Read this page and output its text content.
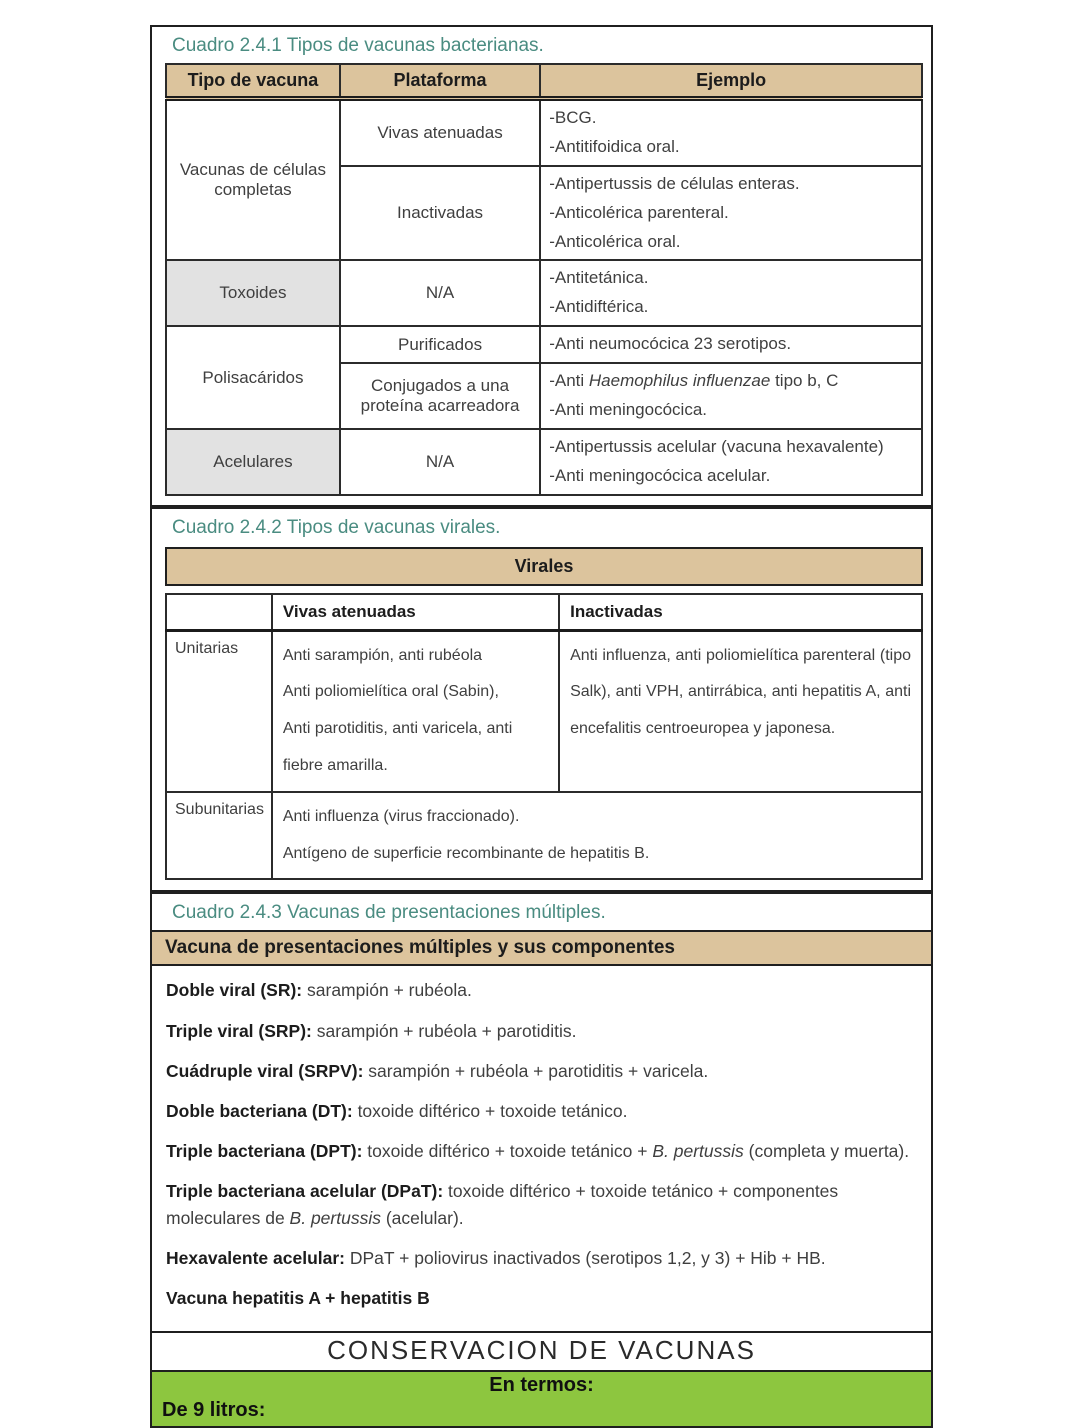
Cuadro 2.4.1 Tipos de vacunas bacterianas.
Tipo de vacuna	Plataforma	Ejemplo
Vacunas de células completas	Vivas atenuadas	-BCG.
-Antitifoidica oral.

	Inactivadas	-Antipertussis de células enteras.
-Anticolérica parenteral.
-Anticolérica oral.

Toxoides	N/A	-Antitetánica.
-Antidiftérica.

Polisacáridos	Purificados	-Anti neumocócica 23 serotipos.

	Conjugados a una proteína acarreadora	-Anti Haemophilus influenzae tipo b, C
-Anti meningocócica.

Acelulares	N/A	-Antipertussis acelular (vacuna hexavalente)
-Anti meningocócica acelular.
Cuadro 2.4.2 Tipos de vacunas virales.
Virales
	Vivas atenuadas	Inactivadas
Unitarias	Anti sarampión, anti rubéola
Anti poliomielítica oral (Sabin),
Anti parotiditis, anti varicela, anti
fiebre amarilla.	Anti influenza, anti poliomielítica parenteral (tipo Salk), anti VPH, antirrábica, anti hepatitis A, anti encefalitis centroeuropea y japonesa.

Subunitarias	Anti influenza (virus fraccionado).
Antígeno de superficie recombinante de hepatitis B.	
Cuadro 2.4.3 Vacunas de presentaciones múltiples.
Vacuna de presentaciones múltiples y sus componentes
Doble viral (SR): sarampión + rubéola.
Triple viral (SRP): sarampión + rubéola + parotiditis.
Cuádruple viral (SRPV): sarampión + rubéola + parotiditis + varicela.
Doble bacteriana (DT): toxoide diftérico + toxoide tetánico.
Triple bacteriana (DPT): toxoide diftérico + toxoide tetánico + B. pertussis (completa y muerta).
Triple bacteriana acelular (DPaT): toxoide diftérico + toxoide tetánico + componentes moleculares de B. pertussis (acelular).
Hexavalente acelular: DPaT + poliovirus inactivados (serotipos 1,2, y 3) + Hib + HB.
Vacuna hepatitis A + hepatitis B
CONSERVACION DE VACUNAS
En termos:
De 9 litros:
